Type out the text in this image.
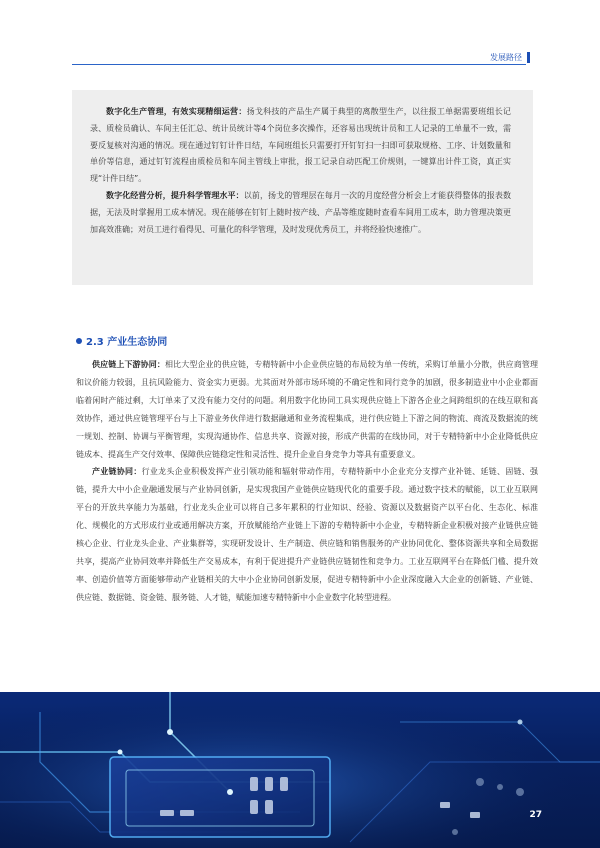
发展路径

数字化生产管理，有效实现精细运营：扬戈科技的产品生产属于典型的离散型生产，以往报工单据需要班组长记录、质检员确认、车间主任汇总、统计员统计等4个岗位多次操作，还容易出现统计员和工人记录的工单量不一致，需要反复核对沟通的情况。现在通过钉钉计件日结，车间班组长只需要打开钉钉扫一扫即可获取规格、工序、计划数量和单价等信息，通过钉钉流程由质检员和车间主管线上审批，报工记录自动匹配工价规则，一键算出计件工资，真正实现“计件日结”。

数字化经营分析，提升科学管理水平：以前，扬戈的管理层在每月一次的月度经营分析会上才能获得整体的报表数据，无法及时掌握用工成本情况。现在能够在钉钉上随时按产线、产品等维度随时查看车间用工成本，助力管理决策更加高效准确；对员工进行看得见、可量化的科学管理，及时发现优秀员工，并将经验快速推广。

2.3 产业生态协同

供应链上下游协同：相比大型企业的供应链，专精特新中小企业供应链的布局较为单一传统，采购订单量小分散，供应商管理和议价能力较弱，且抗风险能力、资金实力更弱。尤其面对外部市场环境的不确定性和同行竞争的加剧，很多制造业中小企业都面临着闲时产能过剩，大订单来了又没有能力交付的问题。利用数字化协同工具实现供应链上下游各企业之间跨组织的在线互联和高效协作，通过供应链管理平台与上下游业务伙伴进行数据融通和业务流程集成，进行供应链上下游之间的物流、商流及数据流的统一规划、控制、协调与平衡管理，实现沟通协作、信息共享、资源对接，形成产供需的在线协同，对于专精特新中小企业降低供应链成本、提高生产交付效率、保障供应链稳定性和灵活性、提升企业自身竞争力等具有重要意义。

产业链协同：行业龙头企业积极发挥产业引领功能和辐射带动作用，专精特新中小企业充分支撑产业补链、延链、固链、强链，提升大中小企业融通发展与产业协同创新，是实现我国产业链供应链现代化的重要手段。通过数字技术的赋能，以工业互联网平台的开放共享能力为基础，行业龙头企业可以将自己多年累积的行业知识、经验、资源以及数据资产以平台化、生态化、标准化、规模化的方式形成行业或通用解决方案，开放赋能给产业链上下游的专精特新中小企业，专精特新企业积极对接产业链供应链核心企业、行业龙头企业、产业集群等，实现研发设计、生产制造、供应链和销售服务的产业协同优化、整体资源共享和全局数据共享，提高产业协同效率并降低生产交易成本，有利于促进提升产业链供应链韧性和竞争力。工业互联网平台在降低门槛、提升效率、创造价值等方面能够带动产业链相关的大中小企业协同创新发展，促进专精特新中小企业深度融入大企业的创新链、产业链、供应链、数据链、资金链、服务链、人才链，赋能加速专精特新中小企业数字化转型进程。

27
